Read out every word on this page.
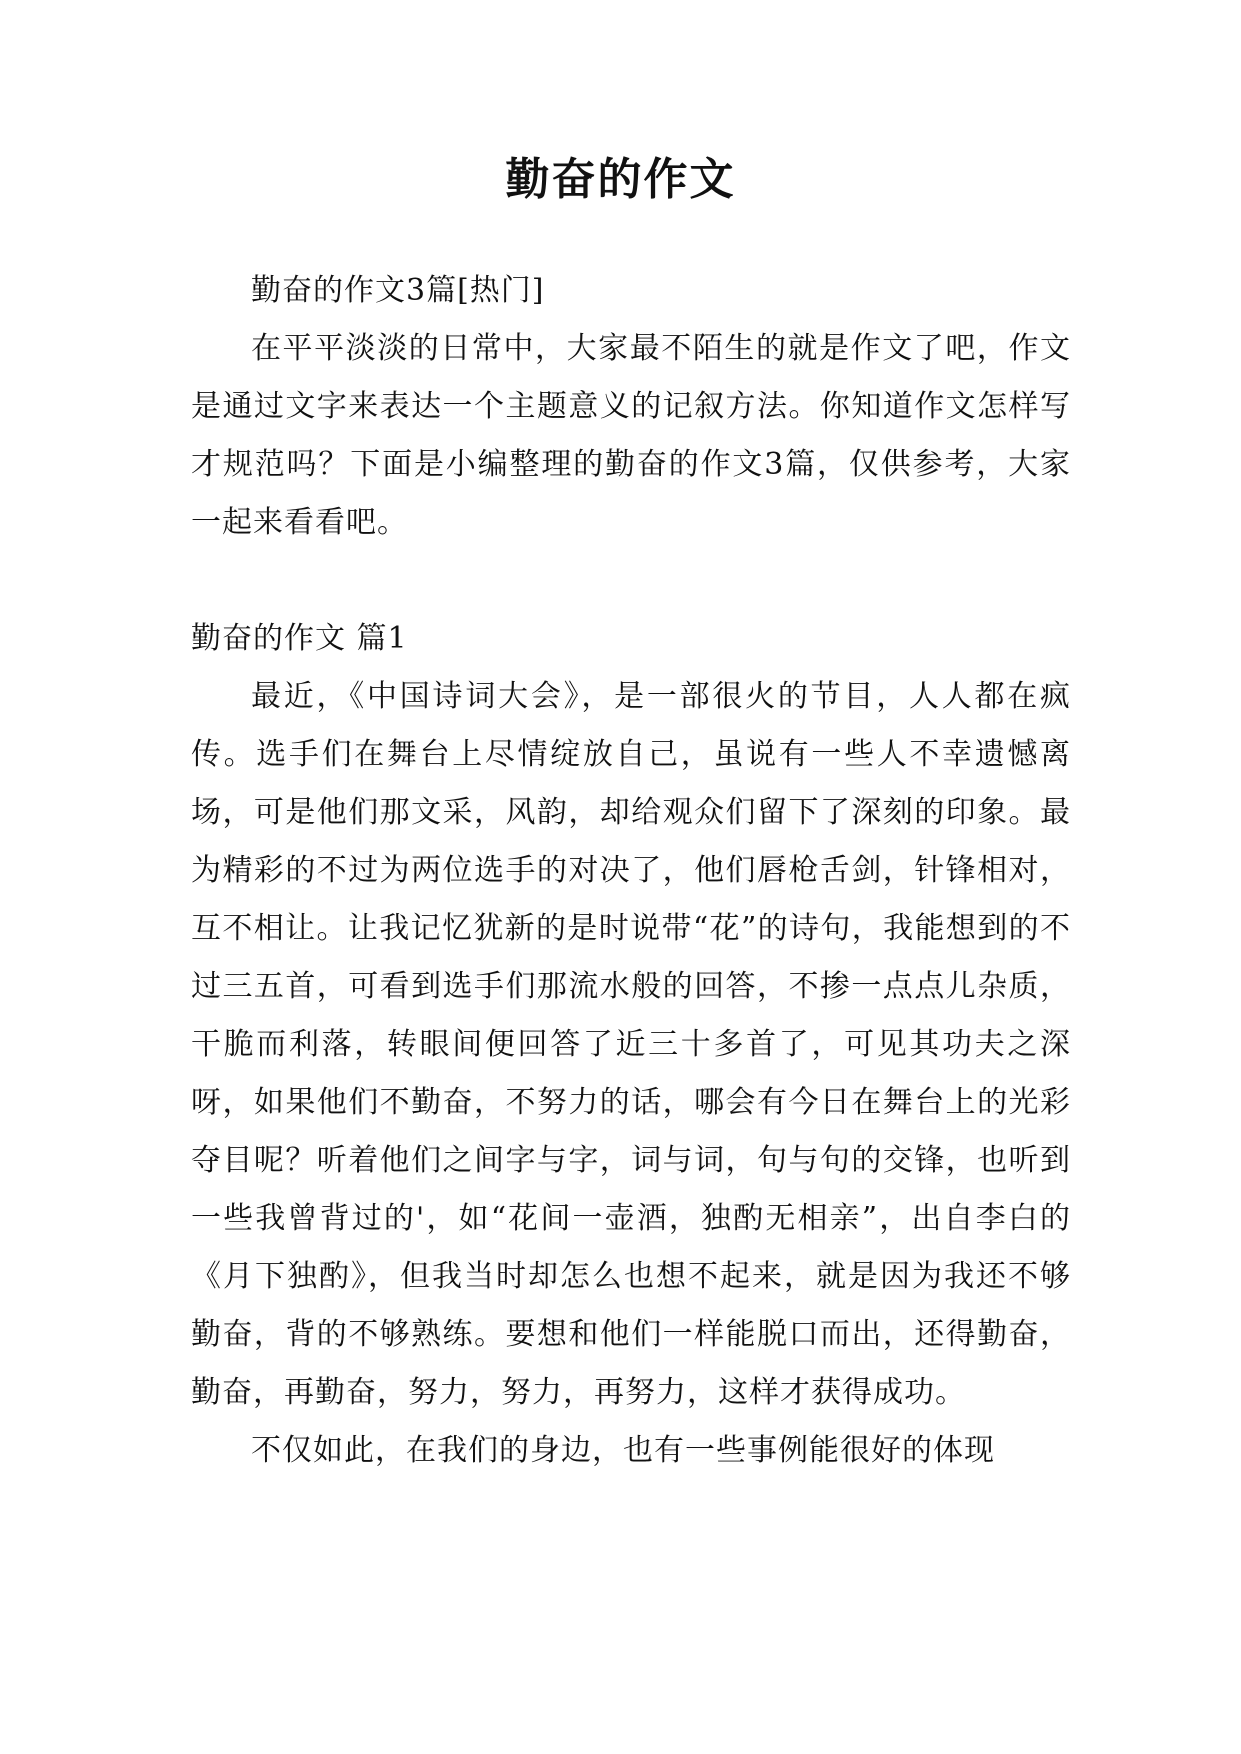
勤奋的作文

勤奋的作文3篇[热门]

在平平淡淡的日常中，大家最不陌生的就是作文了吧，作文是通过文字来表达一个主题意义的记叙方法。你知道作文怎样写才规范吗？下面是小编整理的勤奋的作文3篇，仅供参考，大家一起来看看吧。

勤奋的作文 篇1

最近，《中国诗词大会》，是一部很火的节目，人人都在疯传。选手们在舞台上尽情绽放自己，虽说有一些人不幸遗憾离场，可是他们那文采，风韵，却给观众们留下了深刻的印象。最为精彩的不过为两位选手的对决了，他们唇枪舌剑，针锋相对，互不相让。让我记忆犹新的是时说带“花”的诗句，我能想到的不过三五首，可看到选手们那流水般的回答，不掺一点点儿杂质，干脆而利落，转眼间便回答了近三十多首了，可见其功夫之深呀，如果他们不勤奋，不努力的话，哪会有今日在舞台上的光彩夺目呢？听着他们之间字与字，词与词，句与句的交锋，也听到一些我曾背过的'，如“花间一壶酒，独酌无相亲”，出自李白的《月下独酌》，但我当时却怎么也想不起来，就是因为我还不够勤奋，背的不够熟练。要想和他们一样能脱口而出，还得勤奋，勤奋，再勤奋，努力，努力，再努力，这样才获得成功。

不仅如此，在我们的身边，也有一些事例能很好的体现
